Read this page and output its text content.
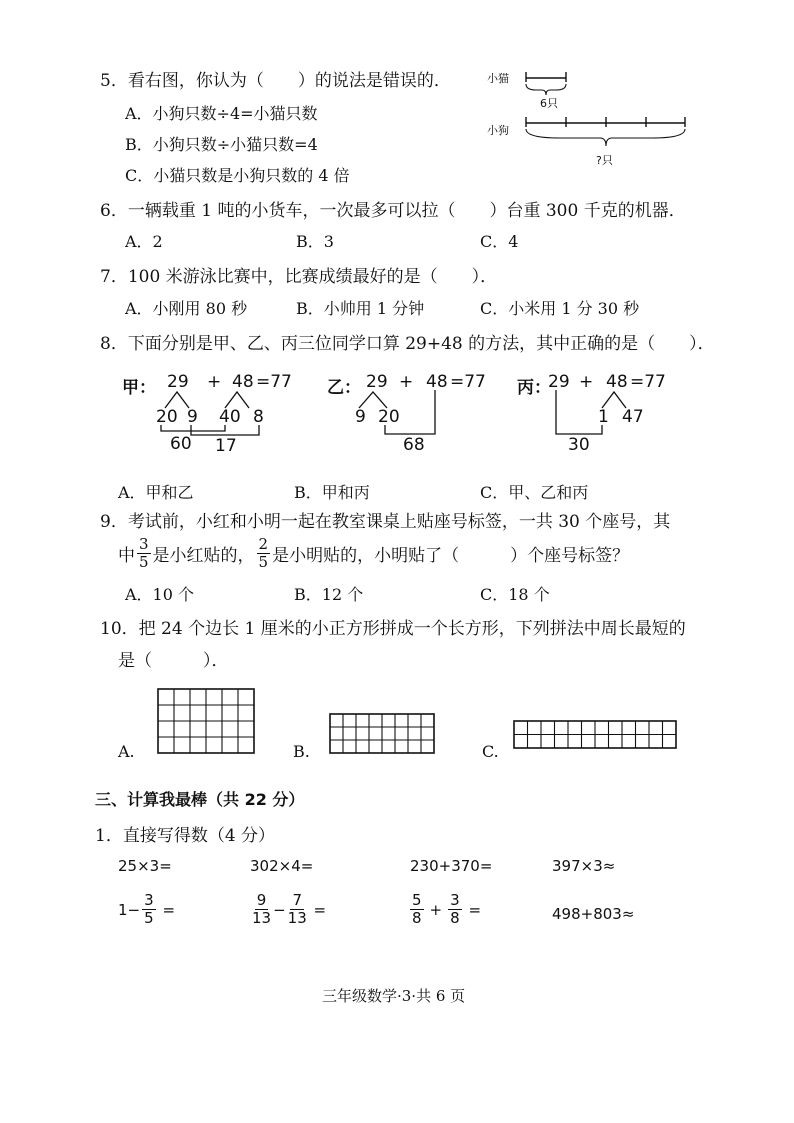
5．看右图，你认为（　　）的说法是错误的．
A．小狗只数÷4=小猫只数
B．小狗只数÷小猫只数=4
C．小猫只数是小狗只数的 4 倍
小猫
6只
小狗
?只
6．一辆载重 1 吨的小货车，一次最多可以拉（　　）台重 300 千克的机器．
A．2	B．3	C．4
7．100 米游泳比赛中，比赛成绩最好的是（　　）．
A．小刚用 80 秒	B．小帅用 1 分钟	C．小米用 1 分 30 秒
8．下面分别是甲、乙、丙三位同学口算 29+48 的方法，其中正确的是（　　）．
甲： 29 + 48 =77
20 9 40 8
60 17
乙： 29 + 48 =77
9 20
68
丙：
29 + 48 =77
1 47
30
A．甲和乙	B．甲和丙	C．甲、乙和丙
9．考试前，小红和小明一起在教室课桌上贴座号标签，一共 30 个座号，其
中 $\frac{3}{5}$ 是小红贴的， $\frac{2}{5}$ 是小明贴的，小明贴了（　　　）个座号标签？
A．10 个	B．12 个	C．18 个
10．把 24 个边长 1 厘米的小正方形拼成一个长方形，下列拼法中周长最短的
是（　　　）．
A.	B.	C.
三、计算我最棒（共 22 分）
1．直接写得数（4 分）
25×3=	302×4=	230+370=	397×3≈
$1- \frac{3}{5}$ =	$\frac{9}{13} - \frac{7}{13}$ =	$\frac{5}{8} + \frac{3}{8}$ =	498+803≈
三年级数学·3·共 6 页
